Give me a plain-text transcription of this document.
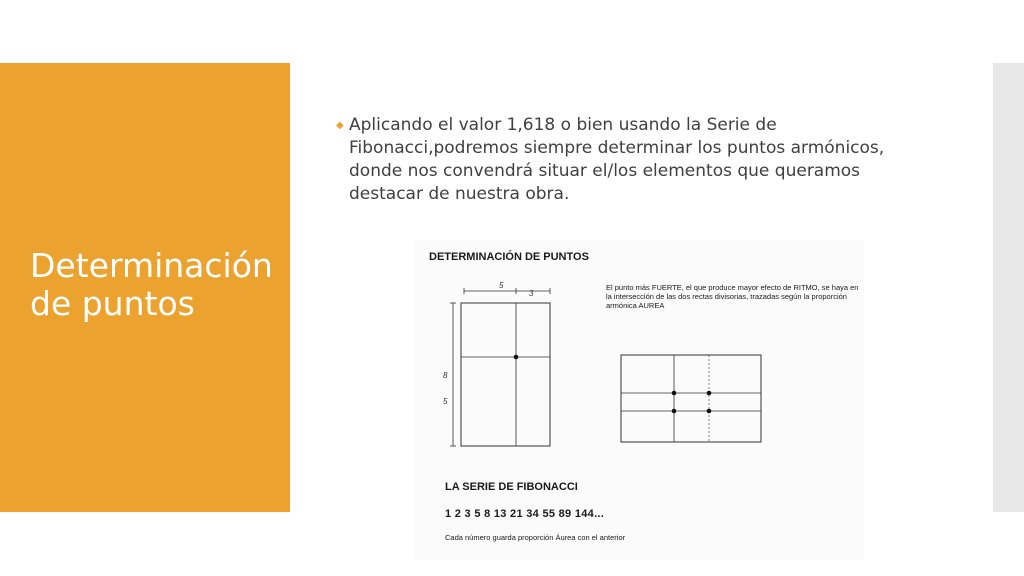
Determinación de puntos
◆ Aplicando el valor 1,618 o bien usando la Serie de Fibonacci,podremos siempre determinar los puntos armónicos, donde nos convendrá situar el/los elementos que queramos destacar de nuestra obra.
DETERMINACIÓN DE PUNTOS
El punto más FUERTE, el que produce mayor efecto de RITMO, se haya en la intersección de las dos rectas divisorias, trazadas según la proporción armónica AUREA
5
3
8
5
LA SERIE DE FIBONACCI
1 2 3 5 8 13 21 34 55 89 144...
Cada número guarda proporción Áurea con el anterior
